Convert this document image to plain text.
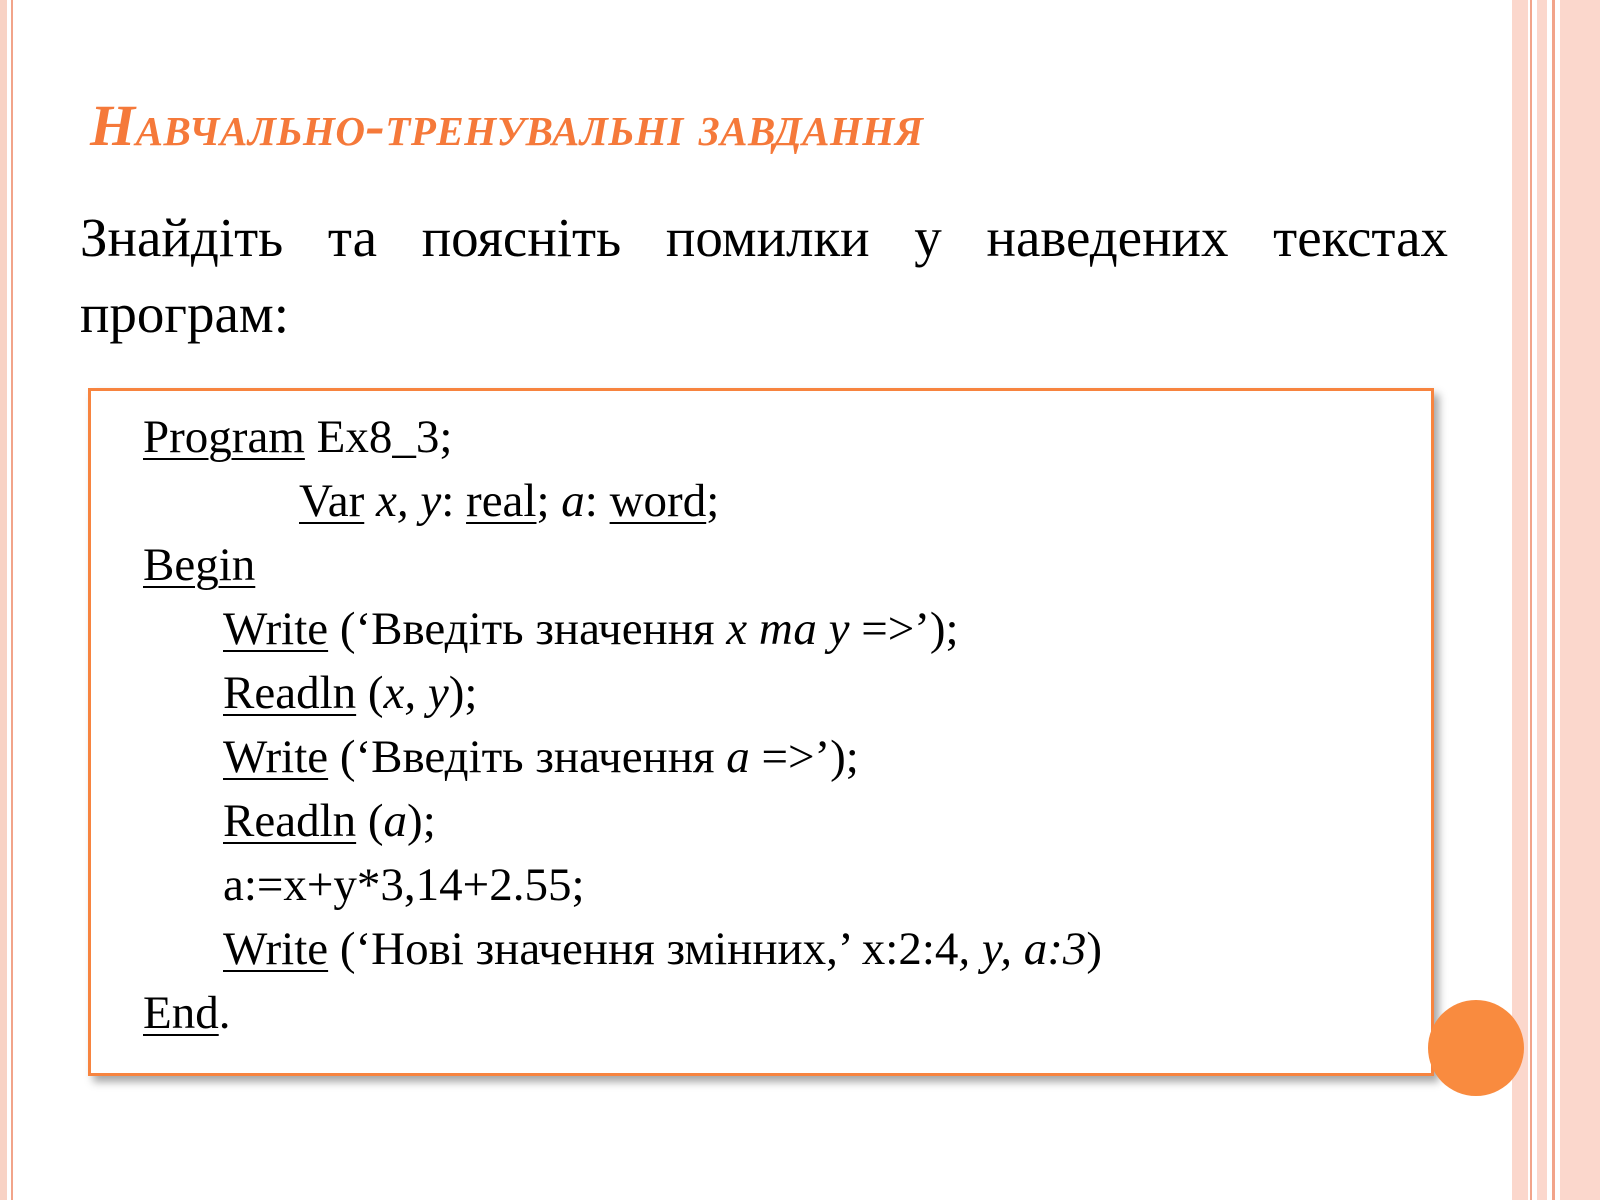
Навчально-тренувальні завдання
Знайдіть та поясніть помилки у наведених текстах програм:
Program Ex8_3;
Var x, y: real; a: word;
Begin
Write (‘Введіть значення x та y =>’);
Readln (x, y);
Write (‘Введіть значення a =>’);
Readln (a);
a:=x+y*3,14+2.55;
Write (‘Нові значення змінних,’ x:2:4, y, a:3)
End.
